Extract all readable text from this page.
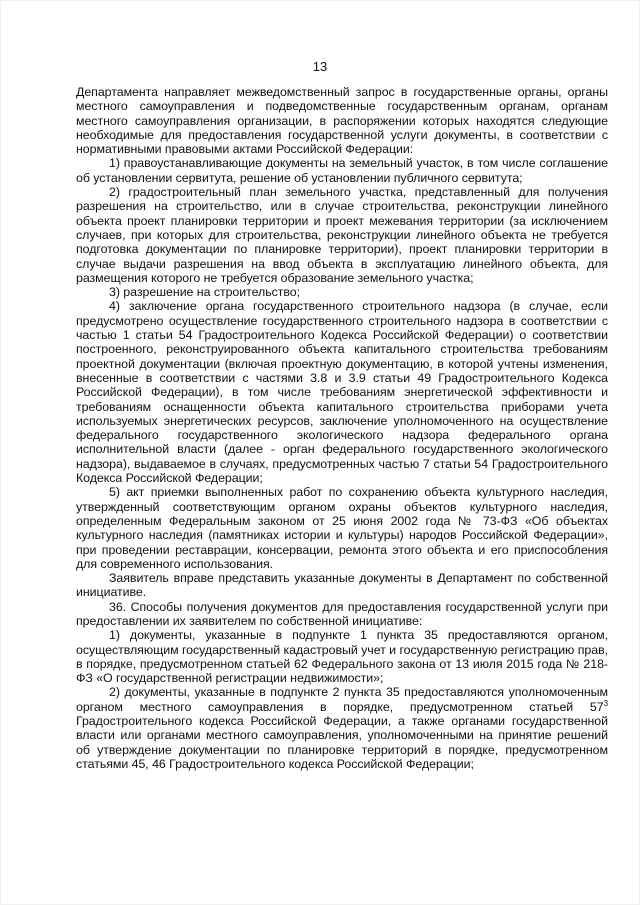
13

Департамента направляет межведомственный запрос в государственные органы, органы местного самоуправления и подведомственные государственным органам, органам местного самоуправления организации, в распоряжении которых находятся следующие необходимые для предоставления государственной услуги документы, в соответствии с нормативными правовыми актами Российской Федерации:

1) правоустанавливающие документы на земельный участок, в том числе соглашение об установлении сервитута, решение об установлении публичного сервитута;

2) градостроительный план земельного участка, представленный для получения разрешения на строительство, или в случае строительства, реконструкции линейного объекта проект планировки территории и проект межевания территории (за исключением случаев, при которых для строительства, реконструкции линейного объекта не требуется подготовка документации по планировке территории), проект планировки территории в случае выдачи разрешения на ввод объекта в эксплуатацию линейного объекта, для размещения которого не требуется образование земельного участка;

3) разрешение на строительство;

4) заключение органа государственного строительного надзора (в случае, если предусмотрено осуществление государственного строительного надзора в соответствии с частью 1 статьи 54 Градостроительного Кодекса Российской Федерации) о соответствии построенного, реконструированного объекта капитального строительства требованиям проектной документации (включая проектную документацию, в которой учтены изменения, внесенные в соответствии с частями 3.8 и 3.9 статьи 49 Градостроительного Кодекса Российской Федерации), в том числе требованиям энергетической эффективности и требованиям оснащенности объекта капитального строительства приборами учета используемых энергетических ресурсов, заключение уполномоченного на осуществление федерального государственного экологического надзора федерального органа исполнительной власти (далее - орган федерального государственного экологического надзора), выдаваемое в случаях, предусмотренных частью 7 статьи 54 Градостроительного Кодекса Российской Федерации;

5) акт приемки выполненных работ по сохранению объекта культурного наследия, утвержденный соответствующим органом охраны объектов культурного наследия, определенным Федеральным законом от 25 июня 2002 года № 73-ФЗ «Об объектах культурного наследия (памятниках истории и культуры) народов Российской Федерации», при проведении реставрации, консервации, ремонта этого объекта и его приспособления для современного использования.

Заявитель вправе представить указанные документы в Департамент по собственной инициативе.

36. Способы получения документов для предоставления государственной услуги при предоставлении их заявителем по собственной инициативе:

1) документы, указанные в подпункте 1 пункта 35 предоставляются органом, осуществляющим государственный кадастровый учет и государственную регистрацию прав, в порядке, предусмотренном статьей 62 Федерального закона от 13 июля 2015 года № 218-ФЗ «О государственной регистрации недвижимости»;

2) документы, указанные в подпункте 2 пункта 35 предоставляются уполномоченным органом местного самоуправления в порядке, предусмотренном статьей $57^3$ Градостроительного кодекса Российской Федерации, а также органами государственной власти или органами местного самоуправления, уполномоченными на принятие решений об утверждение документации по планировке территорий в порядке, предусмотренном статьями 45, 46 Градостроительного кодекса Российской Федерации;
